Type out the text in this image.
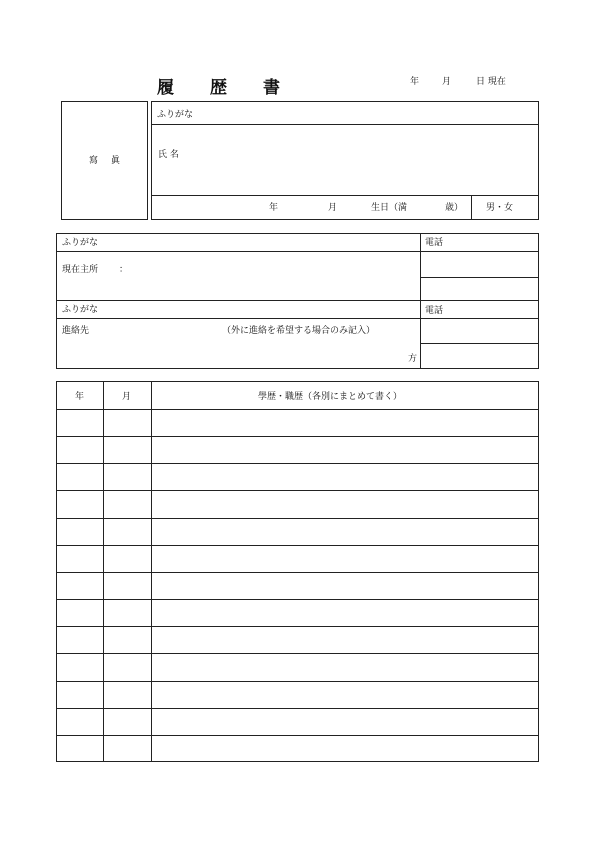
履 歴 書	年	月	日 現在
寫 眞
ふりがな
氏 名
年	月	生日（満	歳）	男・女
ふりがな	電話
現在主所 ：
ふりがな	電話
進絡先	（外に進絡を希望する場合のみ記入）
方
年	月	學歴・職歴（各別にまとめて書く）
